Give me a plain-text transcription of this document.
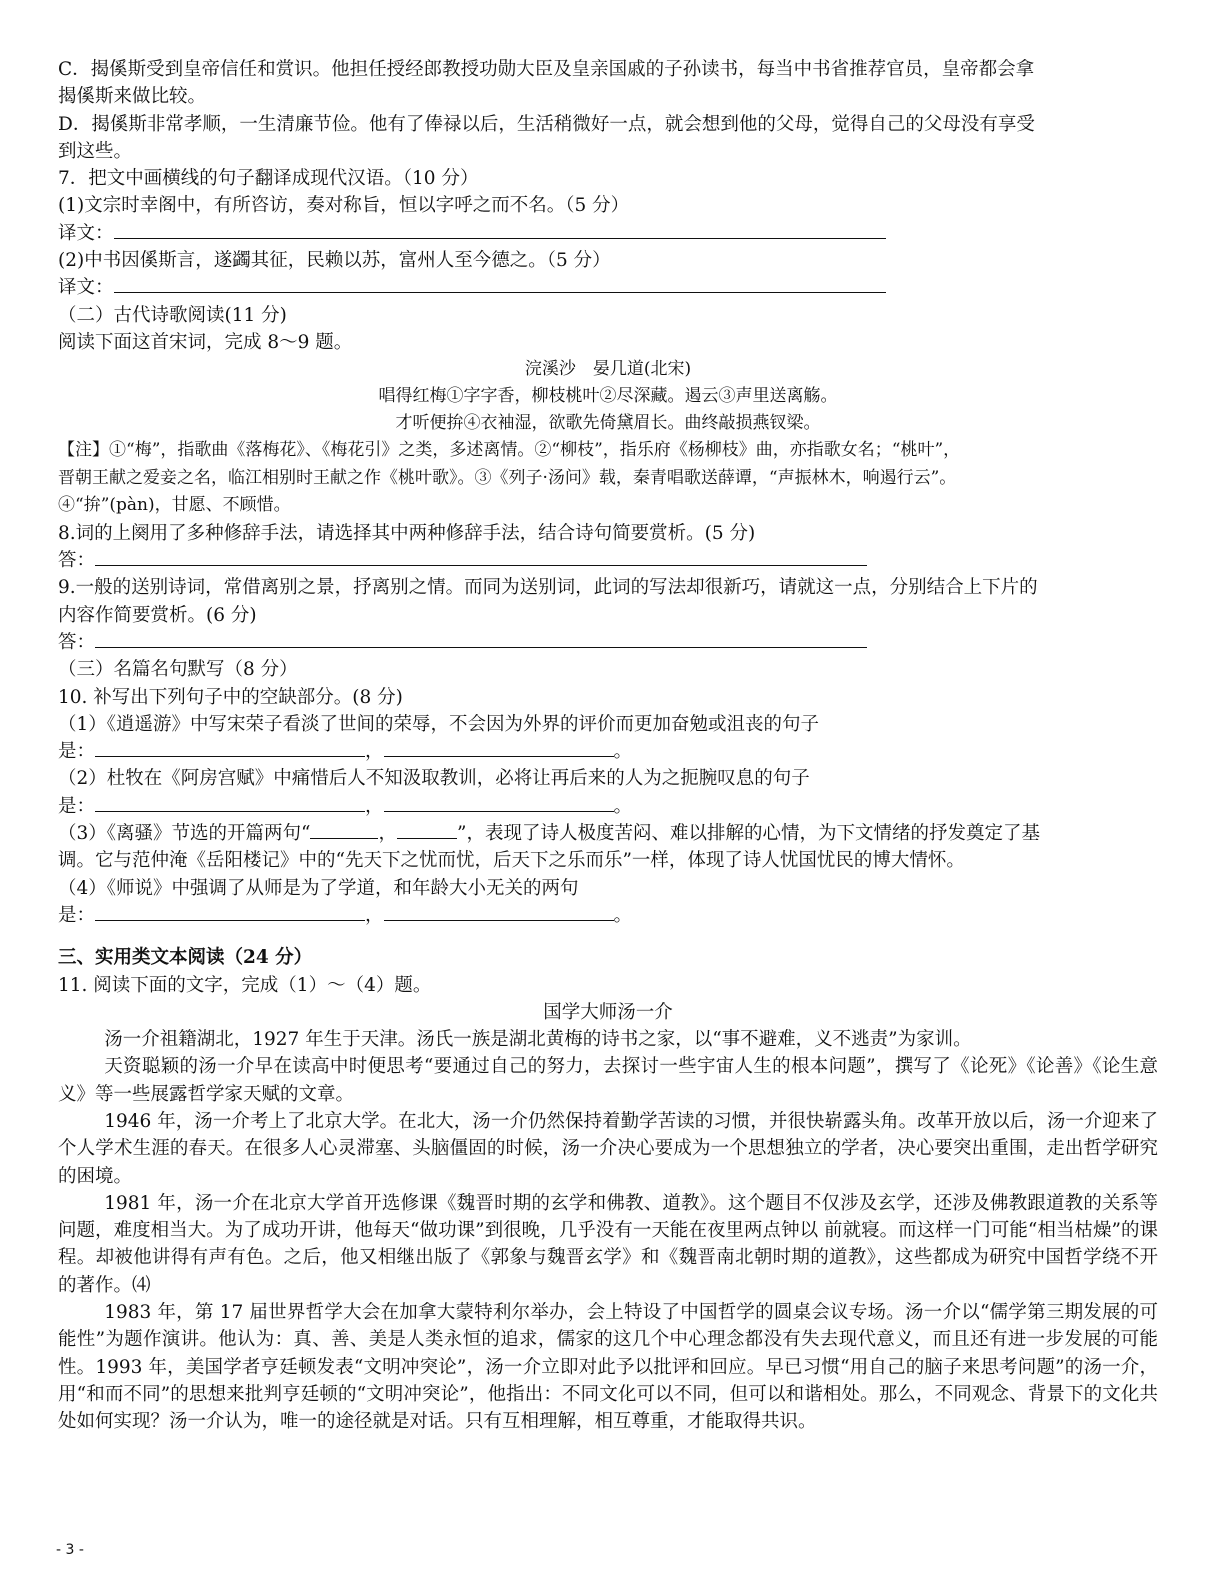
C．揭傒斯受到皇帝信任和赏识。他担任授经郎教授功勋大臣及皇亲国戚的子孙读书，每当中书省推荐官员，皇帝都会拿
揭傒斯来做比较。
D．揭傒斯非常孝顺，一生清廉节俭。他有了俸禄以后，生活稍微好一点，就会想到他的父母，觉得自己的父母没有享受
到这些。
7．把文中画横线的句子翻译成现代汉语。（10 分）
(1)文宗时幸阁中，有所咨访，奏对称旨，恒以字呼之而不名。（5 分）
译文：
(2)中书因傒斯言，遂蠲其征，民赖以苏，富州人至今德之。（5 分）
译文：
（二）古代诗歌阅读(11 分)
阅读下面这首宋词，完成 8～9 题。
浣溪沙　晏几道(北宋)
唱得红梅①字字香，柳枝桃叶②尽深藏。遏云③声里送离觞。
才听便拚④衣袖湿，欲歌先倚黛眉长。曲终敲损燕钗梁。
【注】①“梅”，指歌曲《落梅花》、《梅花引》之类，多述离情。②“柳枝”，指乐府《杨柳枝》曲，亦指歌女名；“桃叶”，
晋朝王献之爱妾之名，临江相别时王献之作《桃叶歌》。③《列子·汤问》载，秦青唱歌送薛谭，“声振林木，响遏行云”。
④“拚”(pàn)，甘愿、不顾惜。
8.词的上阕用了多种修辞手法，请选择其中两种修辞手法，结合诗句简要赏析。(5 分)
答：
9.一般的送别诗词，常借离别之景，抒离别之情。而同为送别词，此词的写法却很新巧，请就这一点，分别结合上下片的
内容作简要赏析。(6 分)
答：
（三）名篇名句默写（8 分）
10. 补写出下列句子中的空缺部分。(8 分)
（1）《逍遥游》中写宋荣子看淡了世间的荣辱，不会因为外界的评价而更加奋勉或沮丧的句子
是：	，	。
（2）杜牧在《阿房宫赋》中痛惜后人不知汲取教训，必将让再后来的人为之扼腕叹息的句子
是：	，	。
（3）《离骚》节选的开篇两句“	，	”，表现了诗人极度苦闷、难以排解的心情，为下文情绪的抒发奠定了基
调。它与范仲淹《岳阳楼记》中的“先天下之忧而忧，后天下之乐而乐”一样，体现了诗人忧国忧民的博大情怀。
（4）《师说》中强调了从师是为了学道，和年龄大小无关的两句
是：	，	。
三、实用类文本阅读（24 分）
11. 阅读下面的文字，完成（1）～（4）题。
国学大师汤一介
汤一介祖籍湖北，1927 年生于天津。汤氏一族是湖北黄梅的诗书之家，以“事不避难，义不逃责”为家训。
天资聪颖的汤一介早在读高中时便思考“要通过自己的努力，去探讨一些宇宙人生的根本问题”，撰写了《论死》《论善》《论生意义》等一些展露哲学家天赋的文章。
1946 年，汤一介考上了北京大学。在北大，汤一介仍然保持着勤学苦读的习惯，并很快崭露头角。改革开放以后，汤一介迎来了个人学术生涯的春天。在很多人心灵滞塞、头脑僵固的时候，汤一介决心要成为一个思想独立的学者，决心要突出重围，走出哲学研究的困境。
1981 年，汤一介在北京大学首开选修课《魏晋时期的玄学和佛教、道教》。这个题目不仅涉及玄学，还涉及佛教跟道教的关系等问题，难度相当大。为了成功开讲，他每天“做功课”到很晚，几乎没有一天能在夜里两点钟以 前就寝。而这样一门可能“相当枯燥”的课程。却被他讲得有声有色。之后，他又相继出版了《郭象与魏晋玄学》和《魏晋南北朝时期的道教》，这些都成为研究中国哲学绕不开的著作。⑷
1983 年，第 17 届世界哲学大会在加拿大蒙特利尔举办，会上特设了中国哲学的圆桌会议专场。汤一介以“儒学第三期发展的可能性”为题作演讲。他认为：真、善、美是人类永恒的追求，儒家的这几个中心理念都没有失去现代意义，而且还有进一步发展的可能性。1993 年，美国学者亨廷顿发表“文明冲突论”，汤一介立即对此予以批评和回应。早已习惯“用自己的脑子来思考问题”的汤一介，用“和而不同”的思想来批判亨廷顿的“文明冲突论”，他指出：不同文化可以不同，但可以和谐相处。那么，不同观念、背景下的文化共处如何实现？汤一介认为，唯一的途径就是对话。只有互相理解，相互尊重，才能取得共识。
- 3 -
